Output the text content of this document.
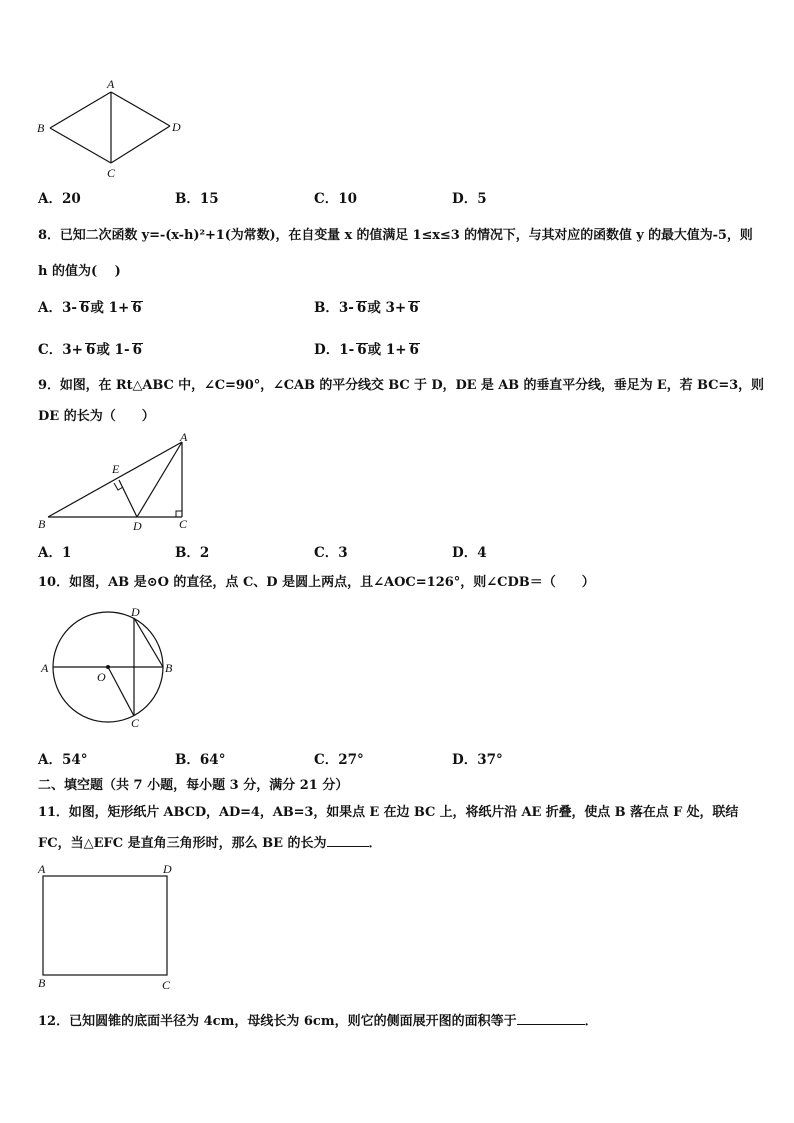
A
B	D
C
A．20	B．15	C．10	D．5
8．已知二次函数 y=-(x-h)²+1(为常数)，在自变量 x 的值满足 1≤x≤3 的情况下，与其对应的函数值 y 的最大值为-5，则
h 的值为(　 )
A．3- 6或 1+ 6	B．3- 6或 3+ 6
C．3+ 6或 1- 6	D．1- 6或 1+ 6
9．如图，在 Rt△ABC 中，∠C=90°，∠CAB 的平分线交 BC 于 D，DE 是 AB 的垂直平分线，垂足为 E，若 BC=3，则
DE 的长为（　　）
A
E
B	D	C
A．1	B．2	C．3	D．4
10．如图，AB 是⊙O 的直径，点 C、D 是圆上两点，且∠AOC=126°，则∠CDB＝（　　）
A	B
D
C
O
A．54°	B．64°	C．27°	D．37°
二、填空题（共 7 小题，每小题 3 分，满分 21 分）
11．如图，矩形纸片 ABCD，AD=4，AB=3，如果点 E 在边 BC 上，将纸片沿 AE 折叠，使点 B 落在点 F 处，联结
FC，当△EFC 是直角三角形时，那么 BE 的长为	．
A	D
B	C
12．已知圆锥的底面半径为 4cm，母线长为 6cm，则它的侧面展开图的面积等于	．
